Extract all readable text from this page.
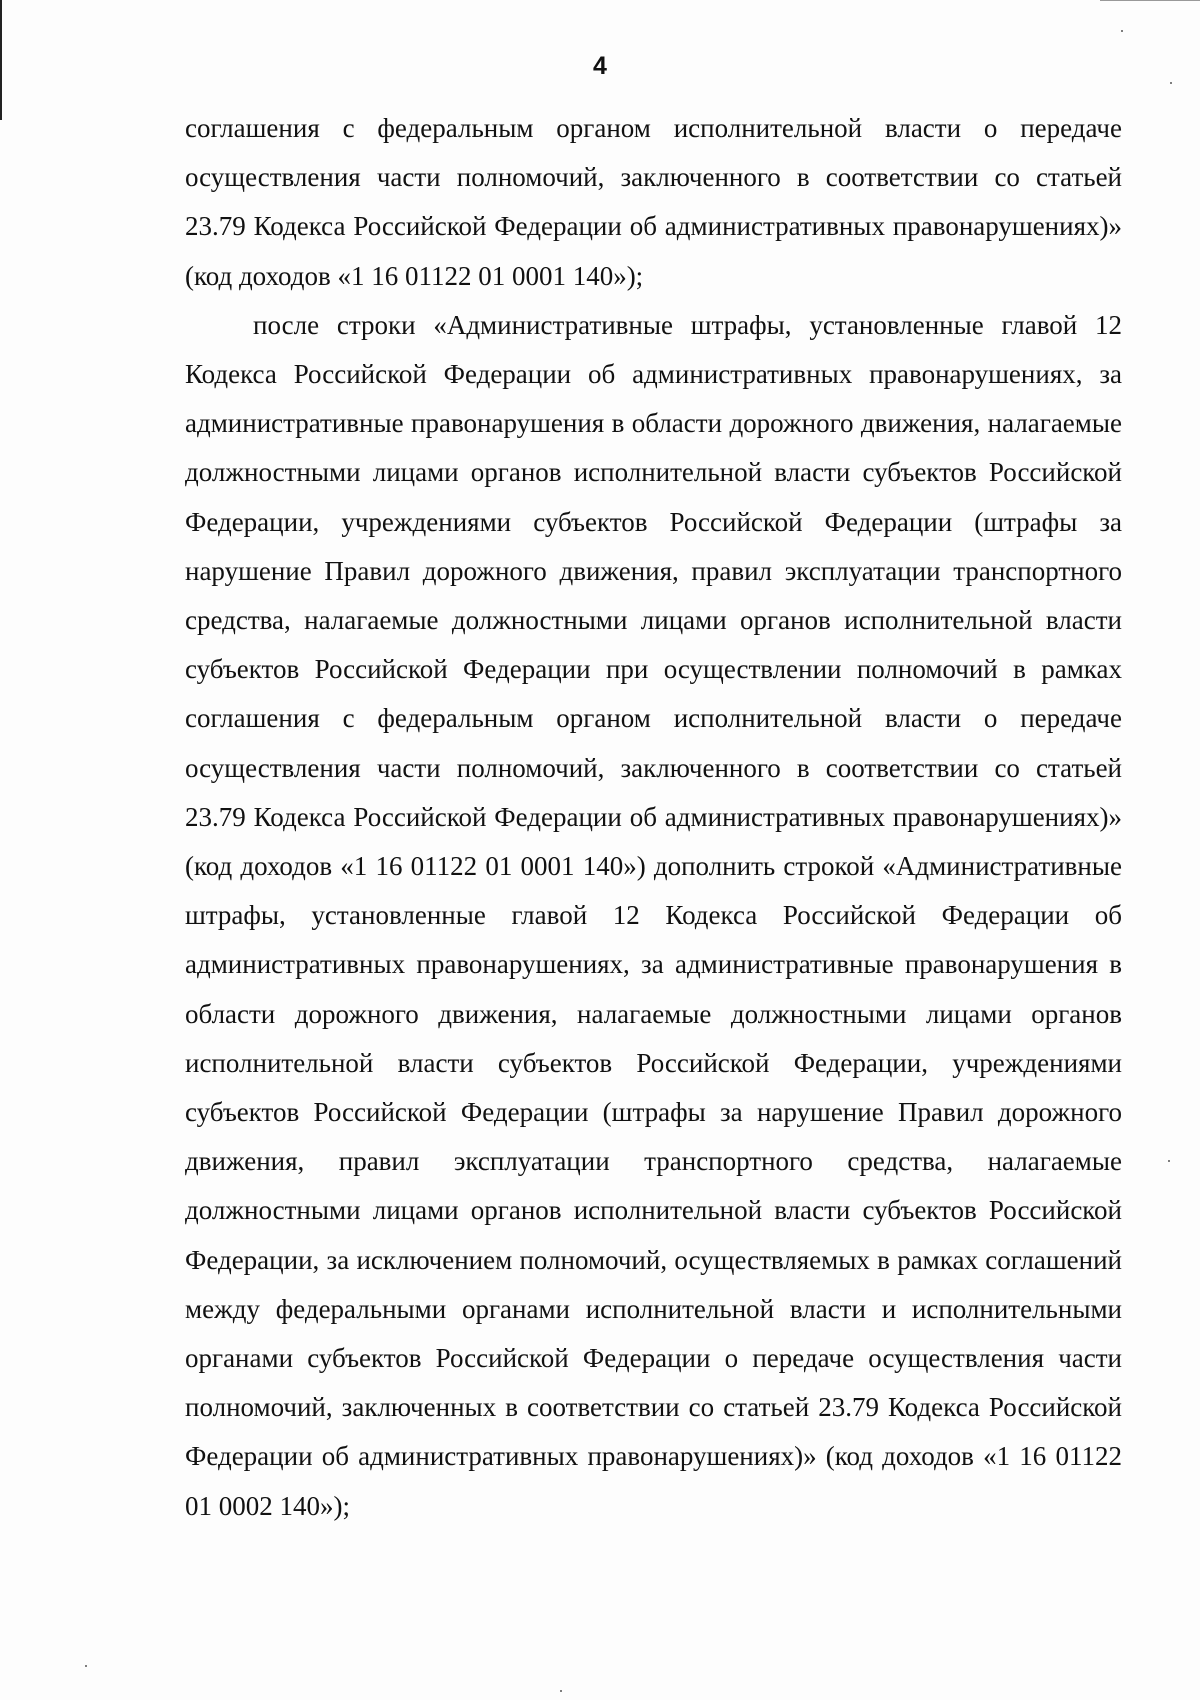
4

соглашения с федеральным органом исполнительной власти о передаче осуществления части полномочий, заключенного в соответствии со статьей 23.79 Кодекса Российской Федерации об административных правонарушениях)» (код доходов «1 16 01122 01 0001 140»);

после строки «Административные штрафы, установленные главой 12 Кодекса Российской Федерации об административных правонарушениях, за административные правонарушения в области дорожного движения, налагаемые должностными лицами органов исполнительной власти субъектов Российской Федерации, учреждениями субъектов Российской Федерации (штрафы за нарушение Правил дорожного движения, правил эксплуатации транспортного средства, налагаемые должностными лицами органов исполнительной власти субъектов Российской Федерации при осуществлении полномочий в рамках соглашения с федеральным органом исполнительной власти о передаче осуществления части полномочий, заключенного в соответствии со статьей 23.79 Кодекса Российской Федерации об административных правонарушениях)» (код доходов «1 16 01122 01 0001 140») дополнить строкой «Административные штрафы, установленные главой 12 Кодекса Российской Федерации об административных правонарушениях, за административные правонарушения в области дорожного движения, налагаемые должностными лицами органов исполнительной власти субъектов Российской Федерации, учреждениями субъектов Российской Федерации (штрафы за нарушение Правил дорожного движения, правил эксплуатации транспортного средства, налагаемые должностными лицами органов исполнительной власти субъектов Российской Федерации, за исключением полномочий, осуществляемых в рамках соглашений между федеральными органами исполнительной власти и исполнительными органами субъектов Российской Федерации о передаче осуществления части полномочий, заключенных в соответствии со статьей 23.79 Кодекса Российской Федерации об административных правонарушениях)» (код доходов «1 16 01122 01 0002 140»);
